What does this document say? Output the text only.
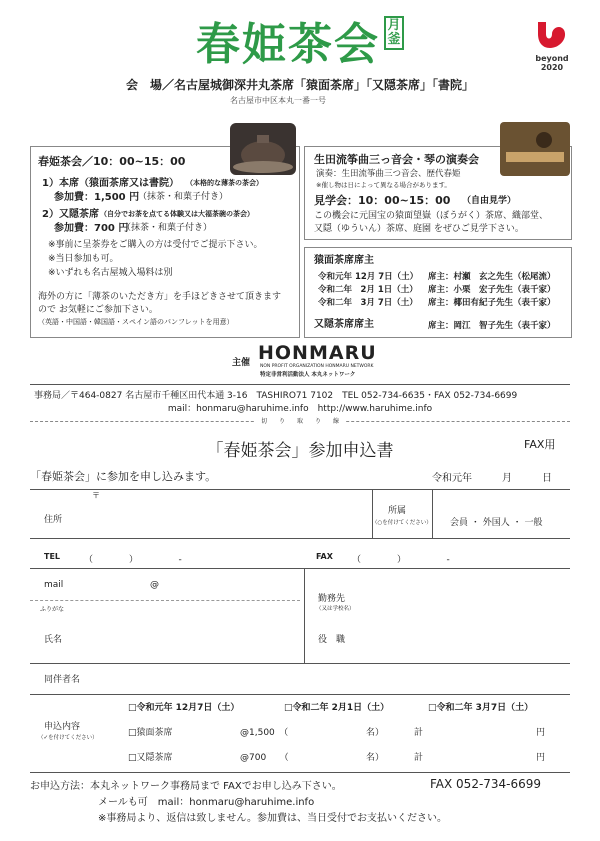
春姫茶会 月釜
beyond
2020
会　場／名古屋城御深井丸茶席「猿面茶席」「又隠茶席」「書院」
名古屋市中区本丸一番一号
春姫茶会／10：00~15：00
1）本席（猿面茶席又は書院） （本格的な薄茶の茶会）
参加費：1,500 円
（抹茶・和菓子付き）
2）又隠茶席 （自分でお茶を点てる体験又は大福茶碗の茶会）
参加費：700 円
（抹茶・和菓子付き）
※事前に呈茶券をご購入の方は受付でご提示下さい。
※当日参加も可。
※いずれも名古屋城入場料は別
海外の方に「薄茶のいただき方」を手ほどきさせて頂きます
ので お気軽にご参加下さい。
（英語・中国語・韓国語・スペイン語のパンフレットを用意）
生田流筝曲三っ音会・琴の演奏会
演奏：生田流筝曲三つ音会、歴代春姫
※催し物は日によって異なる場合があります。
見学会：10：00~15：00 （自由見学）
この機会に元国宝の猿面望嶽（ぼうがく）茶席、織部堂、
又隠（ゆういん）茶席、庭園 をぜひご見学下さい。
猿面茶席席主
令和元年 12月 7日（土） 席主：村瀬　玄之先生（松尾流）
令和二年　2月 1日（土） 席主：小栗　宏子先生（表千家）
令和二年　3月 7日（土） 席主：椰田有紀子先生（表千家）
又隠茶席席主	席主：岡江　智子先生（表千家）
主催 HONMARU
NON PROFIT ORGANIZATION HONMARU NETWORK
特定非営利活動法人 本丸ネットワーク
事務局／〒464-0827 名古屋市千種区田代本通 3-16　TASHIRO71 7102　TEL 052-734-6635・FAX 052-734-6699
mail：honmaru@haruhime.info　http://www.haruhime.info
切　　り　　取　　り　　線
「春姫茶会」参加申込書	FAX用
「春姫茶会」に参加を申し込みます。	令和元年　　　月　　　日
〒
住所
所属
（○を付けてください） 会員 ・ 外国人 ・ 一般
TEL	（　　　　）　　　　　-	FAX （　　　　）　　　　　-
mail	@
勤務先
（又は学校名）
ふりがな
氏名	役　職
同伴者名
申込内容
（✓を付けてください）
□令和元年 12月7日（土）	□令和二年 2月1日（土）	□令和二年 3月7日（土）
□猿面茶席	@1,500　（	名）	計	円
□又隠茶席	@700　　（	名）	計	円
お申込方法：本丸ネットワーク事務局まで FAXでお申し込み下さい。	FAX 052-734-6699
メールも可　mail：honmaru@haruhime.info
※事務局より、返信は致しません。参加費は、当日受付でお支払いください。
